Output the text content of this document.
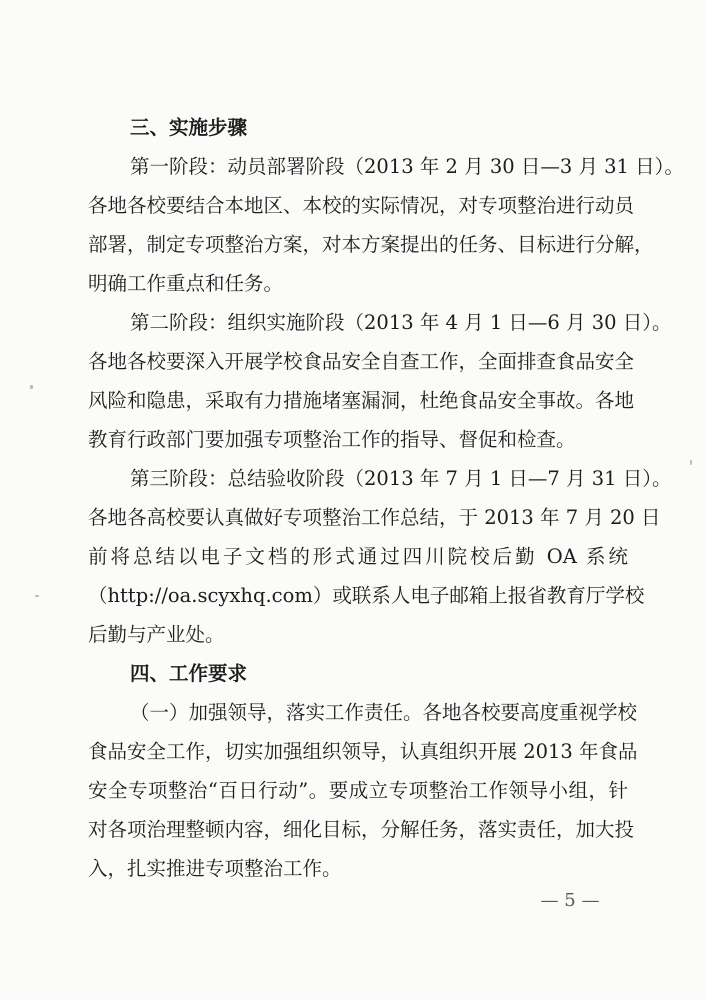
三、实施步骤
第一阶段：动员部署阶段（2013 年 2 月 30 日—3 月 31 日）。
各地各校要结合本地区、本校的实际情况，对专项整治进行动员
部署，制定专项整治方案，对本方案提出的任务、目标进行分解，
明确工作重点和任务。
第二阶段：组织实施阶段（2013 年 4 月 1 日—6 月 30 日）。
各地各校要深入开展学校食品安全自查工作，全面排查食品安全
风险和隐患，采取有力措施堵塞漏洞，杜绝食品安全事故。各地
教育行政部门要加强专项整治工作的指导、督促和检查。
第三阶段：总结验收阶段（2013 年 7 月 1 日—7 月 31 日）。
各地各高校要认真做好专项整治工作总结，于 2013 年 7 月 20 日
前将总结以电子文档的形式通过四川院校后勤 OA 系统
（http://oa.scyxhq.com）或联系人电子邮箱上报省教育厅学校
后勤与产业处。
四、工作要求
（一）加强领导，落实工作责任。各地各校要高度重视学校
食品安全工作，切实加强组织领导，认真组织开展 2013 年食品
安全专项整治“百日行动”。要成立专项整治工作领导小组，针
对各项治理整顿内容，细化目标，分解任务，落实责任，加大投
入，扎实推进专项整治工作。
— 5 —
